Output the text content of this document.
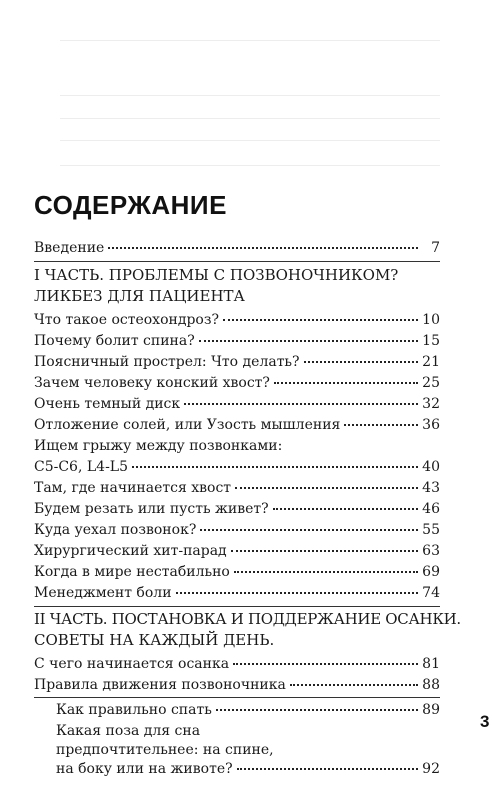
СОДЕРЖАНИЕ
Введение	7
I ЧАСТЬ. ПРОБЛЕМЫ С ПОЗВОНОЧНИКОМ?
ЛИКБЕЗ ДЛЯ ПАЦИЕНТА
Что такое остеохондроз?	10
Почему болит спина?	15
Поясничный прострел: Что делать?	21
Зачем человеку конский хвост?	25
Очень темный диск	32
Отложение солей, или Узость мышления	36
Ищем грыжу между позвонками:
С5-С6, L4-L5	40
Там, где начинается хвост	43
Будем резать или пусть живет?	46
Куда уехал позвонок?	55
Хирургический хит-парад	63
Когда в мире нестабильно	69
Менеджмент боли	74
II ЧАСТЬ. ПОСТАНОВКА И ПОДДЕРЖАНИЕ ОСАНКИ.
СОВЕТЫ НА КАЖДЫЙ ДЕНЬ.
С чего начинается осанка	81
Правила движения позвоночника	88
Как правильно спать	89
Какая поза для сна
предпочтительнее: на спине,
на боку или на животе?	92
3
